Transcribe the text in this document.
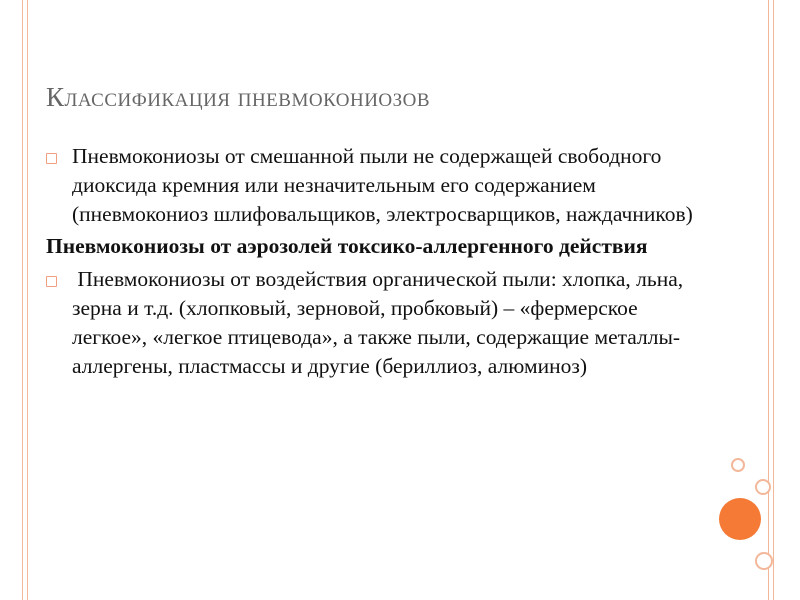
Классификация пневмокониозов
Пневмокониозы от смешанной пыли не содержащей свободного диоксида кремния или незначительным его содержанием (пневмокониоз шлифовальщиков, электросварщиков, наждачников)
Пневмокониозы от аэрозолей токсико-аллергенного действия
Пневмокониозы от воздействия органической пыли: хлопка, льна, зерна и т.д. (хлопковый, зерновой, пробковый) – «фермерское легкое», «легкое птицевода», а также пыли, содержащие металлы-аллергены, пластмассы и другие (бериллиоз, алюминоз)
